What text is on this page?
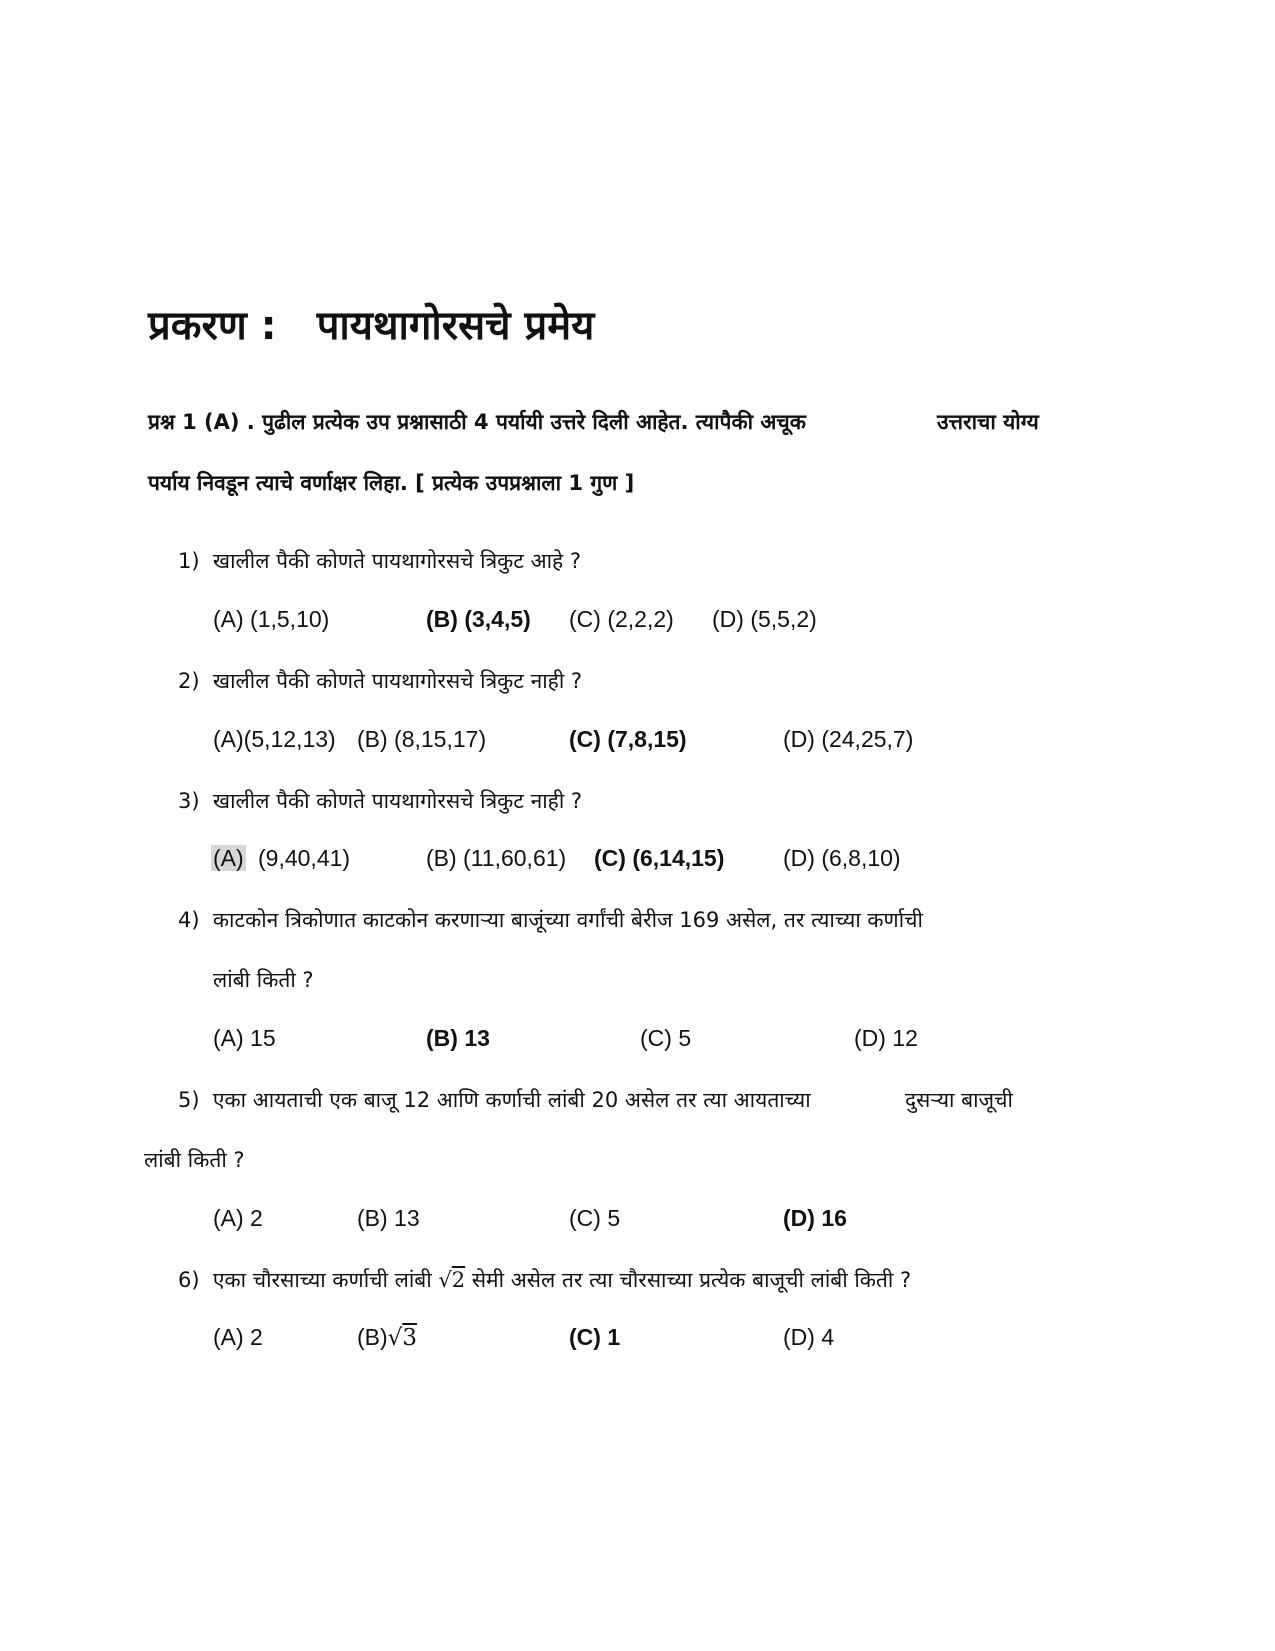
प्रकरण : पायथागोरसचे प्रमेय
प्रश्न 1 (A) . पुढील प्रत्येक उप प्रश्नासाठी 4 पर्यायी उत्तरे दिली आहेत. त्यापैकी अचूक	उत्तराचा योग्य
पर्याय निवडून त्याचे वर्णाक्षर लिहा. [ प्रत्येक उपप्रश्नाला 1 गुण ]
1) खालील पैकी कोणते पायथागोरसचे त्रिकुट आहे ?
(A) (1,5,10)	(B) (3,4,5) (C) (2,2,2) (D) (5,5,2)
2) खालील पैकी कोणते पायथागोरसचे त्रिकुट नाही ?
(A)(5,12,13) (B) (8,15,17)	(C) (7,8,15)	(D) (24,25,7)
3) खालील पैकी कोणते पायथागोरसचे त्रिकुट नाही ?
(A) (9,40,41)	(B) (11,60,61) (C) (6,14,15)	(D) (6,8,10)
4) काटकोन त्रिकोणात काटकोन करणाऱ्या बाजूंच्या वर्गांची बेरीज 169 असेल, तर त्याच्या कर्णाची
लांबी किती ?
(A) 15	(B) 13	(C) 5	(D) 12
5) एका आयताची एक बाजू 12 आणि कर्णाची लांबी 20 असेल तर त्या आयताच्या	दुसऱ्या बाजूची
लांबी किती ?
(A) 2	(B) 13	(C) 5	(D) 16
6) एका चौरसाच्या कर्णाची लांबी √2 सेमी असेल तर त्या चौरसाच्या प्रत्येक बाजूची लांबी किती ?
(A) 2	(B)√3	(C) 1	(D) 4
